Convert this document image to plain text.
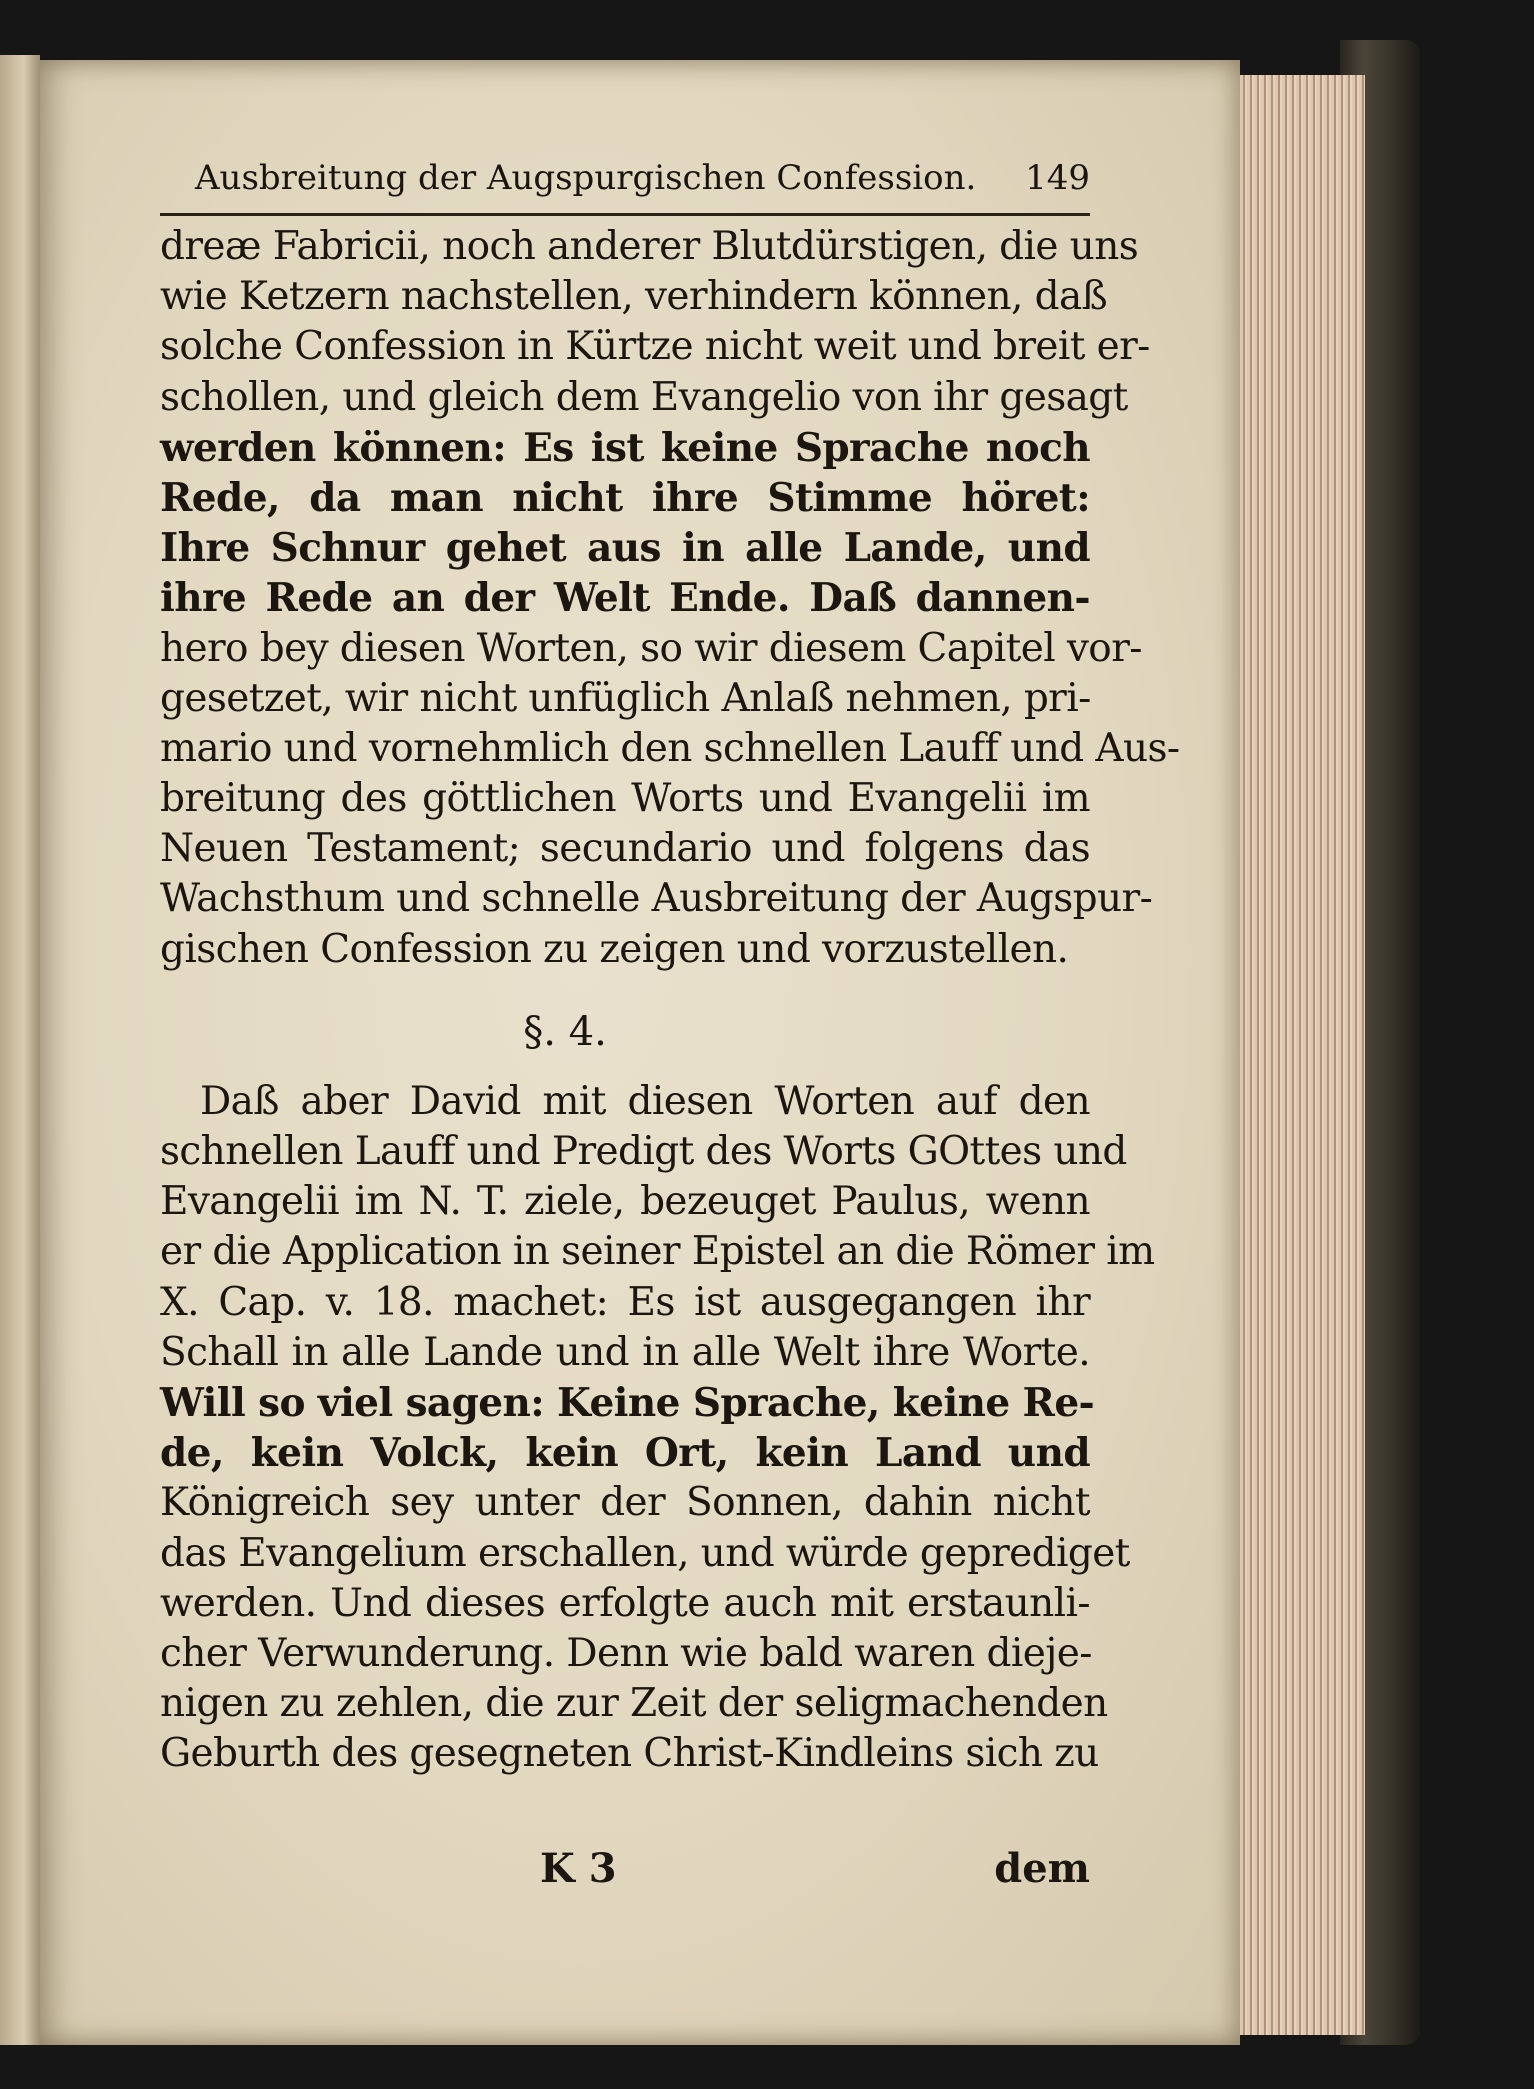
Ausbreitung der Augspurgischen Confession. 149
dreæ Fabricii, noch anderer Blutdürstigen, die uns
wie Ketzern nachstellen, verhindern können, daß
solche Confession in Kürtze nicht weit und breit er-
schollen, und gleich dem Evangelio von ihr gesagt
werden können: Es ist keine Sprache noch
Rede, da man nicht ihre Stimme höret:
Ihre Schnur gehet aus in alle Lande, und
ihre Rede an der Welt Ende. Daß dannen-
hero bey diesen Worten, so wir diesem Capitel vor-
gesetzet, wir nicht unfüglich Anlaß nehmen, pri-
mario und vornehmlich den schnellen Lauff und Aus-
breitung des göttlichen Worts und Evangelii im
Neuen Testament; secundario und folgens das
Wachsthum und schnelle Ausbreitung der Augspur-
gischen Confession zu zeigen und vorzustellen.
§. 4.
Daß aber David mit diesen Worten auf den
schnellen Lauff und Predigt des Worts GOttes und
Evangelii im N. T. ziele, bezeuget Paulus, wenn
er die Application in seiner Epistel an die Römer im
X. Cap. v. 18. machet: Es ist ausgegangen ihr
Schall in alle Lande und in alle Welt ihre Worte.
Will so viel sagen: Keine Sprache, keine Re-
de, kein Volck, kein Ort, kein Land und
Königreich sey unter der Sonnen, dahin nicht
das Evangelium erschallen, und würde geprediget
werden. Und dieses erfolgte auch mit erstaunli-
cher Verwunderung. Denn wie bald waren dieje-
nigen zu zehlen, die zur Zeit der seligmachenden
Geburth des gesegneten Christ-Kindleins sich zu
K 3	dem
